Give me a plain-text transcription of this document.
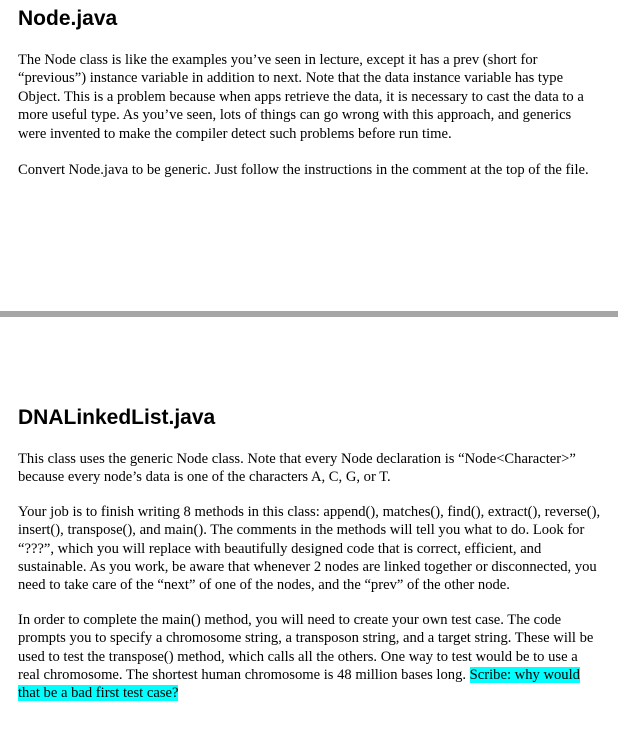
Node.java

The Node class is like the examples you’ve seen in lecture, except it has a prev (short for “previous”) instance variable in addition to next. Note that the data instance variable has type Object. This is a problem because when apps retrieve the data, it is necessary to cast the data to a more useful type. As you’ve seen, lots of things can go wrong with this approach, and generics were invented to make the compiler detect such problems before run time.

Convert Node.java to be generic. Just follow the instructions in the comment at the top of the file.

DNALinkedList.java

This class uses the generic Node class. Note that every Node declaration is “Node<Character>” because every node’s data is one of the characters A, C, G, or T.

Your job is to finish writing 8 methods in this class: append(), matches(), find(), extract(), reverse(), insert(), transpose(), and main(). The comments in the methods will tell you what to do. Look for “???”, which you will replace with beautifully designed code that is correct, efficient, and sustainable. As you work, be aware that whenever 2 nodes are linked together or disconnected, you need to take care of the “next” of one of the nodes, and the “prev” of the other node.

In order to complete the main() method, you will need to create your own test case. The code prompts you to specify a chromosome string, a transposon string, and a target string. These will be used to test the transpose() method, which calls all the others. One way to test would be to use a real chromosome. The shortest human chromosome is 48 million bases long. Scribe: why would that be a bad first test case?
